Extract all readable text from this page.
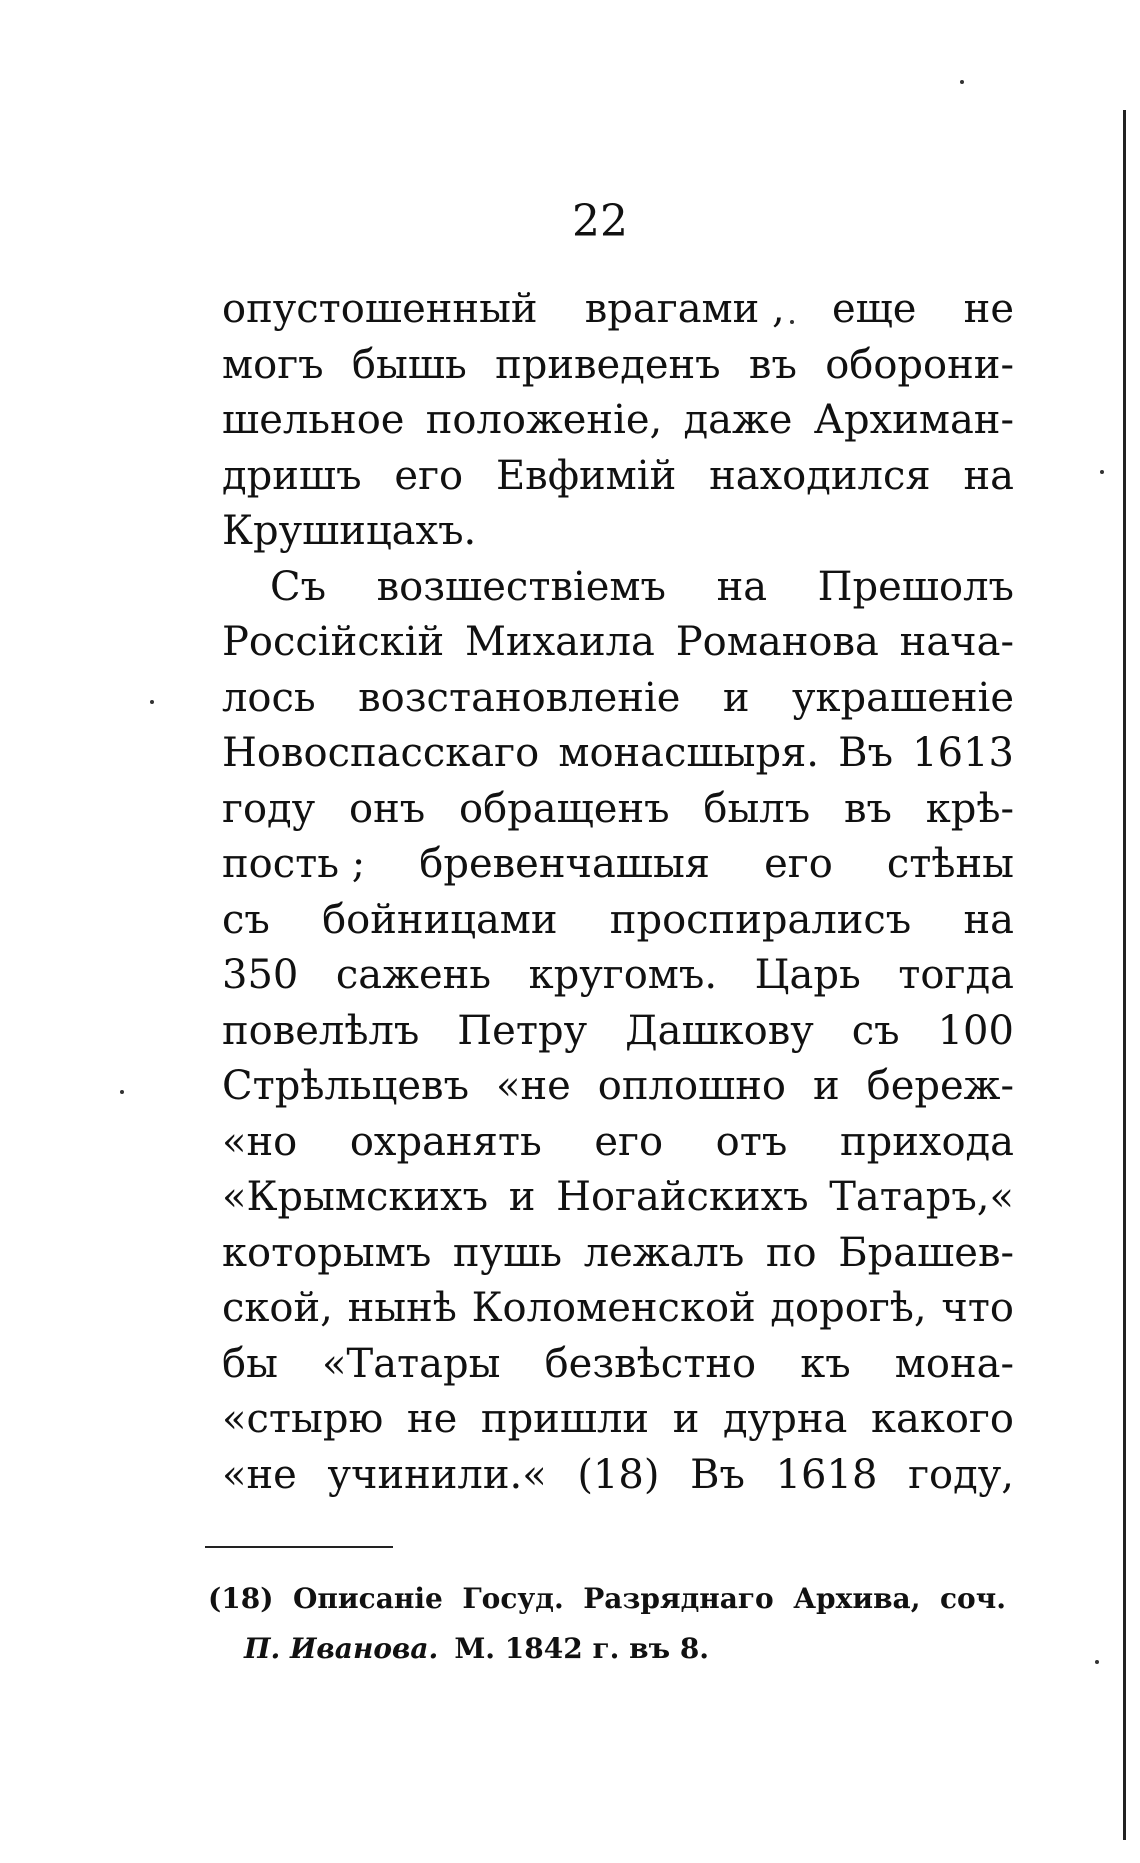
22
опустошенный врагами , еще не
могъ бышь приведенъ въ оборони-
шельное положеніе, даже Архиман-
дришъ его Евфимій находился на
Крушицахъ.
Съ возшествіемъ на Прешолъ
Россійскій Михаила Романова нача-
лось возстановленіе и украшеніе
Новоспасскаго монасшыря. Въ 1613
году онъ обращенъ былъ въ крѣ-
пость ; бревенчашыя его стѣны
съ бойницами проспиралисъ на
350 сажень кругомъ. Царь тогда
повелѣлъ Петру Дашкову съ 100
Стрѣльцевъ «не оплошно и береж-
«но охранять его отъ прихода
«Крымскихъ и Ногайскихъ Татаръ,«
которымъ пушь лежалъ по Брашев-
ской, нынѣ Коломенской дорогѣ, что
бы «Татары безвѣстно къ мона-
«стырю не пришли и дурна какого
«не учинили.« (18) Въ 1618 году,
(18) Описаніе Госуд. Разряднаго Архива, соч.
П. Иванова. М. 1842 г. въ 8.
